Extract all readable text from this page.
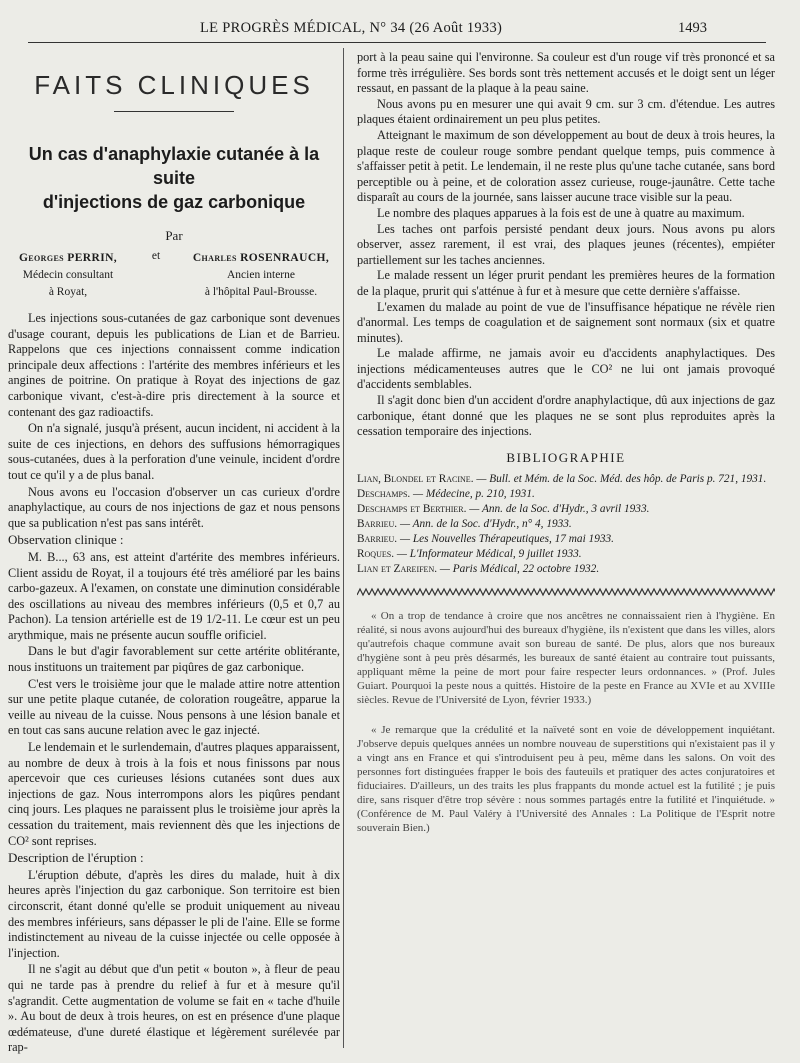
LE PROGRÈS MÉDICAL, N° 34 (26 Août 1933)	1493
FAITS CLINIQUES
Un cas d'anaphylaxie cutanée à la suite
d'injections de gaz carbonique
Par
Georges PERRIN,
Médecin consultant
à Royat,
et	Charles ROSENRAUCH,
Ancien interne
à l'hôpital Paul-Brousse.

Les injections sous-cutanées de gaz carbonique sont devenues d'usage courant, depuis les publications de Lian et de Barrieu. Rappelons que ces injections connaissent comme indication principale deux affections : l'artérite des membres inférieurs et les angines de poitrine. On pratique à Royat des injections de gaz carbonique vivant, c'est-à-dire pris directement à la source et contenant des gaz radioactifs.

On n'a signalé, jusqu'à présent, aucun incident, ni accident à la suite de ces injections, en dehors des suffusions hémorragiques sous-cutanées, dues à la perforation d'une veinule, incident d'ordre tout ce qu'il y a de plus banal.

Nous avons eu l'occasion d'observer un cas curieux d'ordre anaphylactique, au cours de nos injections de gaz et nous pensons que sa publication n'est pas sans intérêt.

Observation clinique :

M. B..., 63 ans, est atteint d'artérite des membres inférieurs. Client assidu de Royat, il a toujours été très amélioré par les bains carbo-gazeux. A l'examen, on constate une diminution considérable des oscillations au niveau des membres inférieurs (0,5 et 0,7 au Pachon). La tension artérielle est de 19 1/2-11. Le cœur est un peu arythmique, mais ne présente aucun souffle orificiel.

Dans le but d'agir favorablement sur cette artérite oblitérante, nous instituons un traitement par piqûres de gaz carbonique.

C'est vers le troisième jour que le malade attire notre attention sur une petite plaque cutanée, de coloration rougeâtre, apparue la veille au niveau de la cuisse. Nous pensons à une lésion banale et en tout cas sans aucune relation avec le gaz injecté.

Le lendemain et le surlendemain, d'autres plaques apparaissent, au nombre de deux à trois à la fois et nous finissons par nous apercevoir que ces curieuses lésions cutanées sont dues aux injections de gaz. Nous interrompons alors les piqûres pendant cinq jours. Les plaques ne paraissent plus le troisième jour après la cessation du traitement, mais reviennent dès que les injections de CO² sont reprises.

Description de l'éruption :

L'éruption débute, d'après les dires du malade, huit à dix heures après l'injection du gaz carbonique. Son territoire est bien circonscrit, étant donné qu'elle se produit uniquement au niveau des membres inférieurs, sans dépasser le pli de l'aine. Elle se forme indistinctement au niveau de la cuisse injectée ou celle opposée à l'injection.

Il ne s'agit au début que d'un petit « bouton », à fleur de peau qui ne tarde pas à prendre du relief à fur et à mesure qu'il s'agrandit. Cette augmentation de volume se fait en « tache d'huile ». Au bout de deux à trois heures, on est en présence d'une plaque œdémateuse, d'une dureté élastique et légèrement surélevée par rap-

port à la peau saine qui l'environne. Sa couleur est d'un rouge vif très prononcé et sa forme très irrégulière. Ses bords sont très nettement accusés et le doigt sent un léger ressaut, en passant de la plaque à la peau saine.

Nous avons pu en mesurer une qui avait 9 cm. sur 3 cm. d'étendue. Les autres plaques étaient ordinairement un peu plus petites.

Atteignant le maximum de son développement au bout de deux à trois heures, la plaque reste de couleur rouge sombre pendant quelque temps, puis commence à s'affaisser petit à petit. Le lendemain, il ne reste plus qu'une tache cutanée, sans bord perceptible ou à peine, et de coloration assez curieuse, rouge-jaunâtre. Cette tache disparaît au cours de la journée, sans laisser aucune trace visible sur la peau.

Le nombre des plaques apparues à la fois est de une à quatre au maximum.

Les taches ont parfois persisté pendant deux jours. Nous avons pu alors observer, assez rarement, il est vrai, des plaques jeunes (récentes), empiéter partiellement sur les taches anciennes.

Le malade ressent un léger prurit pendant les premières heures de la formation de la plaque, prurit qui s'atténue à fur et à mesure que cette dernière s'affaisse.

L'examen du malade au point de vue de l'insuffisance hépatique ne révèle rien d'anormal. Les temps de coagulation et de saignement sont normaux (six et quatre minutes).

Le malade affirme, ne jamais avoir eu d'accidents anaphylactiques. Des injections médicamenteuses autres que le CO² ne lui ont jamais provoqué d'accidents semblables.

Il s'agit donc bien d'un accident d'ordre anaphylactique, dû aux injections de gaz carbonique, étant donné que les plaques ne se sont plus reproduites après la cessation temporaire des injections.

BIBLIOGRAPHIE

Lian, Blondel et Racine. — Bull. et Mém. de la Soc. Méd. des hôp. de Paris p. 721, 1931.

Deschamps. — Médecine, p. 210, 1931.

Deschamps et Berthier. — Ann. de la Soc. d'Hydr., 3 avril 1933.

Barrieu. — Ann. de la Soc. d'Hydr., n° 4, 1933.

Barrieu. — Les Nouvelles Thérapeutiques, 17 mai 1933.

Roques. — L'Informateur Médical, 9 juillet 1933.

Lian et Zareifen. — Paris Médical, 22 octobre 1932.

« On a trop de tendance à croire que nos ancêtres ne connaissaient rien à l'hygiène. En réalité, si nous avons aujourd'hui des bureaux d'hygiène, ils n'existent que dans les villes, alors qu'autrefois chaque commune avait son bureau de santé. De plus, alors que nos bureaux d'hygiène sont à peu près désarmés, les bureaux de santé étaient au contraire tout puissants, appliquant même la peine de mort pour faire respecter leurs ordonnances. » (Prof. Jules Guiart. Pourquoi la peste nous a quittés. Histoire de la peste en France au XVIe et au XVIIIe siècles. Revue de l'Université de Lyon, février 1933.)

« Je remarque que la crédulité et la naïveté sont en voie de développement inquiétant. J'observe depuis quelques années un nombre nouveau de superstitions qui n'existaient pas il y a vingt ans en France et qui s'introduisent peu à peu, même dans les salons. On voit des personnes fort distinguées frapper le bois des fauteuils et pratiquer des actes conjuratoires et fiduciaires. D'ailleurs, un des traits les plus frappants du monde actuel est la futilité ; je puis dire, sans risquer d'être trop sévère : nous sommes partagés entre la futilité et l'inquiétude. » (Conférence de M. Paul Valéry à l'Université des Annales : La Politique de l'Esprit notre souverain Bien.)
